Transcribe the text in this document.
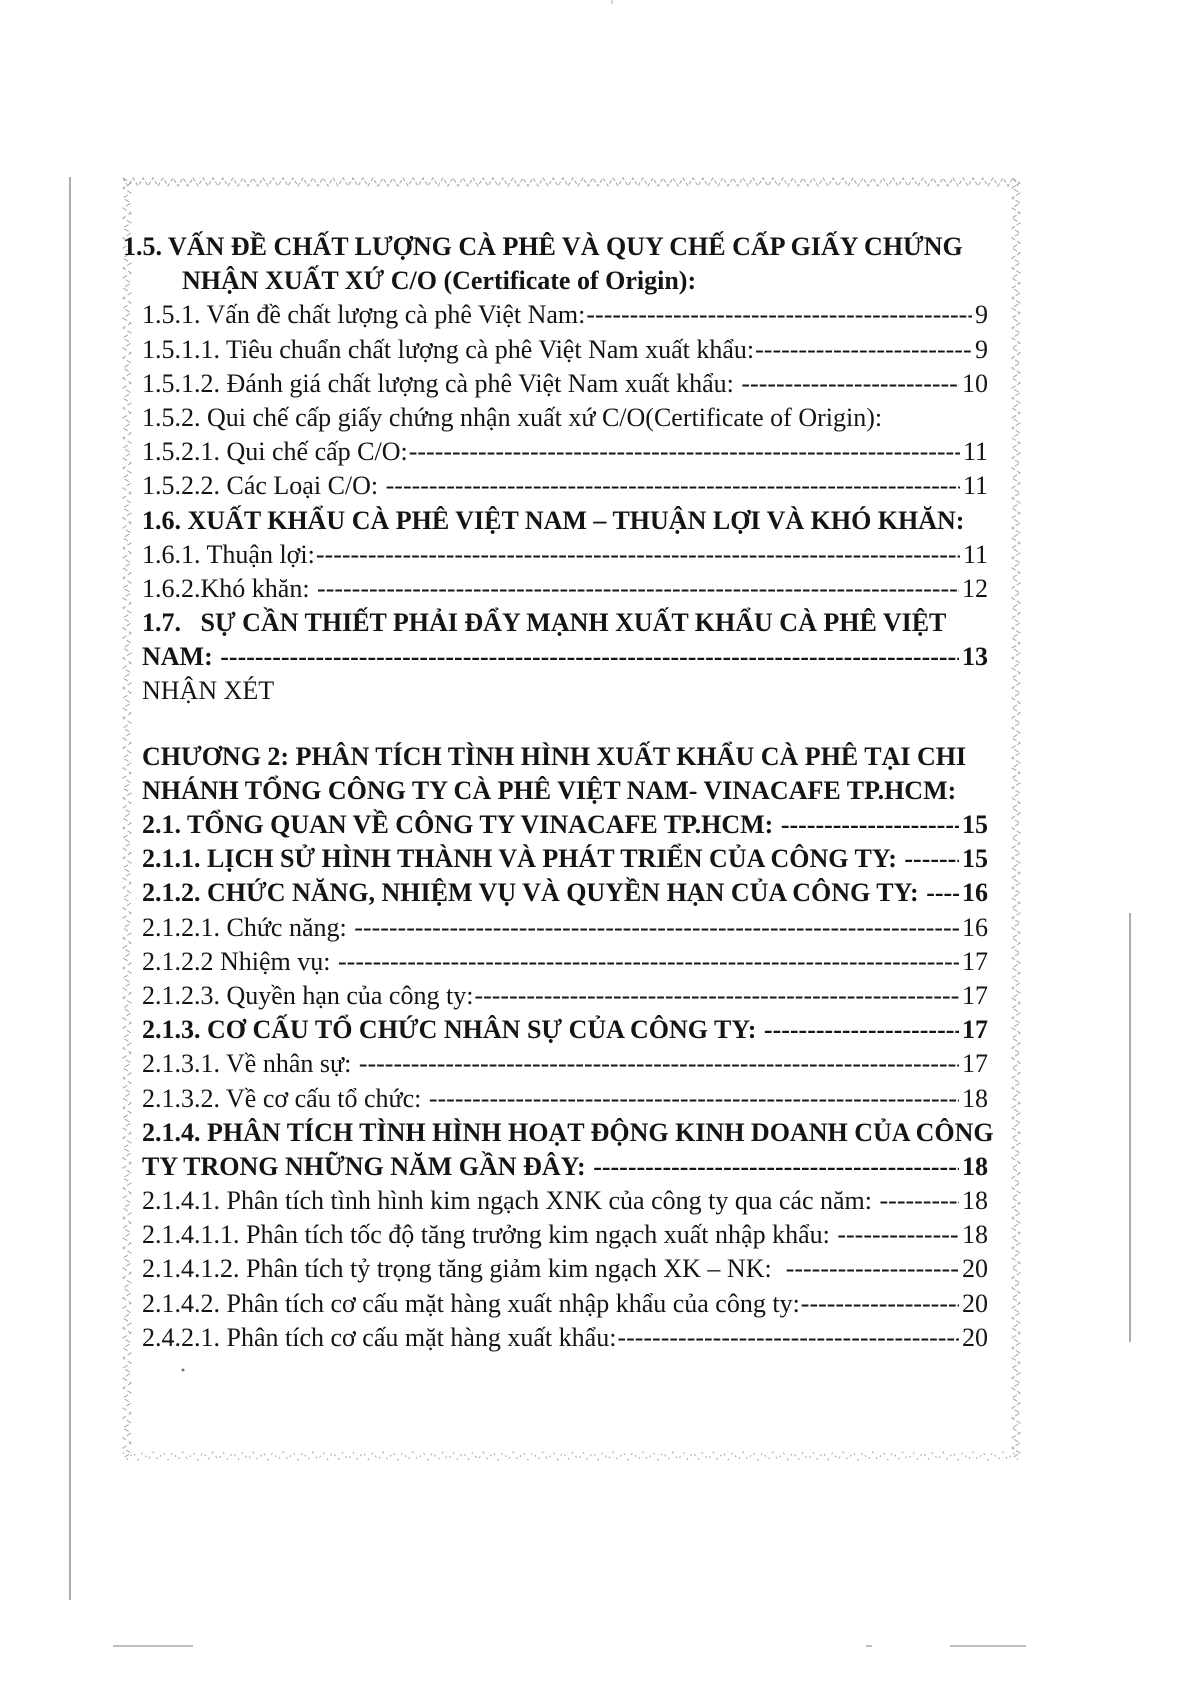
1.5. VẤN ĐỀ CHẤT LƯỢNG CÀ PHÊ VÀ QUY CHẾ CẤP GIẤY CHỨNG
NHẬN XUẤT XỨ C/O (Certificate of Origin):
1.5.1. Vấn đề chất lượng cà phê Việt Nam: -----	9
1.5.1.1. Tiêu chuẩn chất lượng cà phê Việt Nam xuất khẩu: -----	9
1.5.1.2. Đánh giá chất lượng cà phê Việt Nam xuất khẩu: -----	10
1.5.2. Qui chế cấp giấy chứng nhận xuất xứ C/O(Certificate of Origin):
1.5.2.1. Qui chế cấp C/O: -----	11
1.5.2.2. Các Loại C/O: -----	11
1.6. XUẤT KHẨU CÀ PHÊ VIỆT NAM – THUẬN LỢI VÀ KHÓ KHĂN:
1.6.1. Thuận lợi: -----	11
1.6.2.Khó khăn: -----	12
1.7.   SỰ CẦN THIẾT PHẢI ĐẨY MẠNH XUẤT KHẨU CÀ PHÊ VIỆT
NAM: -----	13
NHẬN XÉT
CHƯƠNG 2: PHÂN TÍCH TÌNH HÌNH XUẤT KHẨU CÀ PHÊ TẠI CHI
NHÁNH TỔNG CÔNG TY CÀ PHÊ VIỆT NAM- VINACAFE TP.HCM:
2.1. TỔNG QUAN VỀ CÔNG TY VINACAFE TP.HCM: -----	15
2.1.1. LỊCH SỬ HÌNH THÀNH VÀ PHÁT TRIỂN CỦA CÔNG TY: ----- 15
2.1.2. CHỨC NĂNG, NHIỆM VỤ VÀ QUYỀN HẠN CỦA CÔNG TY: ----- 16
2.1.2.1. Chức năng: -----	16
2.1.2.2 Nhiệm vụ: -----	17
2.1.2.3. Quyền hạn của công ty: -----	17
2.1.3. CƠ CẤU TỔ CHỨC NHÂN SỰ CỦA CÔNG TY: -----	17
2.1.3.1. Về nhân sự: -----	17
2.1.3.2. Về cơ cấu tổ chức: -----	18
2.1.4. PHÂN TÍCH TÌNH HÌNH HOẠT ĐỘNG KINH DOANH CỦA CÔNG
TY TRONG NHỮNG NĂM GẦN ĐÂY: -----	18
2.1.4.1. Phân tích tình hình kim ngạch XNK của công ty qua các năm: -----	18
2.1.4.1.1. Phân tích tốc độ tăng trưởng kim ngạch xuất nhập khẩu: -----	18
2.1.4.1.2. Phân tích tỷ trọng tăng giảm kim ngạch XK – NK: -----	20
2.1.4.2. Phân tích cơ cấu mặt hàng xuất nhập khẩu của công ty: -----	20
2.4.2.1. Phân tích cơ cấu mặt hàng xuất khẩu: -----	20
